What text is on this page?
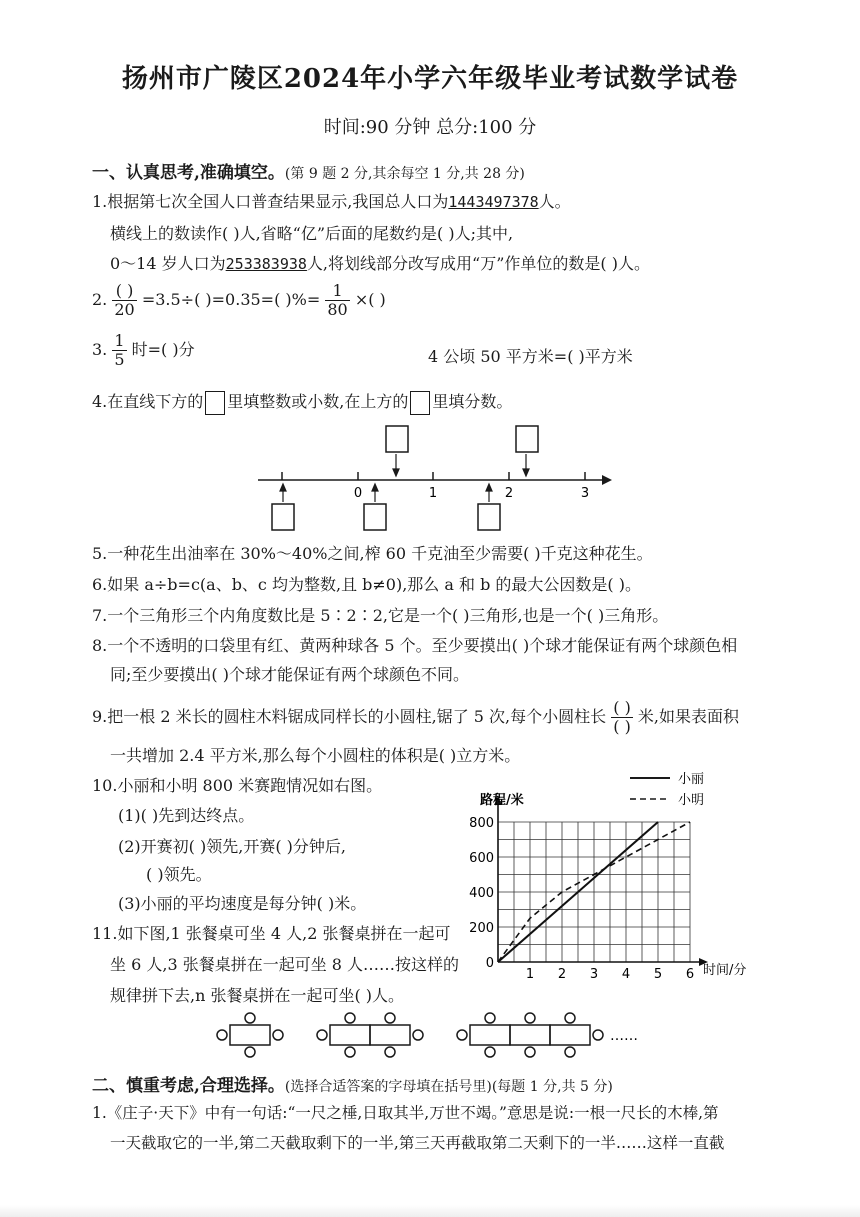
扬州市广陵区2024年小学六年级毕业考试数学试卷
时间:90 分钟 总分:100 分
一、认真思考,准确填空。(第 9 题 2 分,其余每空 1 分,共 28 分)
1.根据第七次全国人口普查结果显示,我国总人口为1443497378人。
横线上的数读作( )人,省略“亿”后面的尾数约是( )人;其中,
0～14 岁人口为253383938人,将划线部分改写成用“万”作单位的数是( )人。
2. $\frac{( )}{20} =3.5\div$( )=0.35=( )%= $\frac{1}{80}$ ×( )
3. $\frac{1}{5}$ 时=( )分	4 公顷 50 平方米=( )平方米
4.在直线下方的 里填整数或小数,在上方的 里填分数。
0	1	2	3
5.一种花生出油率在 30%～40%之间,榨 60 千克油至少需要( )千克这种花生。
6.如果 a÷b=c(a、b、c 均为整数,且 b≠0),那么 a 和 b 的最大公因数是( )。
7.一个三角形三个内角度数比是 5∶2∶2,它是一个( )三角形,也是一个( )三角形。
8.一个不透明的口袋里有红、黄两种球各 5 个。至少要摸出( )个球才能保证有两个球颜色相
同;至少要摸出( )个球才能保证有两个球颜色不同。
9.把一根 2 米长的圆柱木料锯成同样长的小圆柱,锯了 5 次,每个小圆柱长 $\frac{( )}{( )}$ 米,如果表面积
一共增加 2.4 平方米,那么每个小圆柱的体积是( )立方米。
10.小丽和小明 800 米赛跑情况如右图。
(1)( )先到达终点。
(2)开赛初( )领先,开赛( )分钟后,
( )领先。
(3)小丽的平均速度是每分钟( )米。
1 2 3 4 5 6
0
200
400
600
800
小丽
小明
路程/米
时间/分
11.如下图,1 张餐桌可坐 4 人,2 张餐桌拼在一起可
坐 6 人,3 张餐桌拼在一起可坐 8 人……按这样的
规律拼下去,n 张餐桌拼在一起可坐( )人。
……
二、慎重考虑,合理选择。(选择合适答案的字母填在括号里)(每题 1 分,共 5 分)
1.《庄子·天下》中有一句话:“一尺之棰,日取其半,万世不竭。”意思是说:一根一尺长的木棒,第
一天截取它的一半,第二天截取剩下的一半,第三天再截取第二天剩下的一半……这样一直截
